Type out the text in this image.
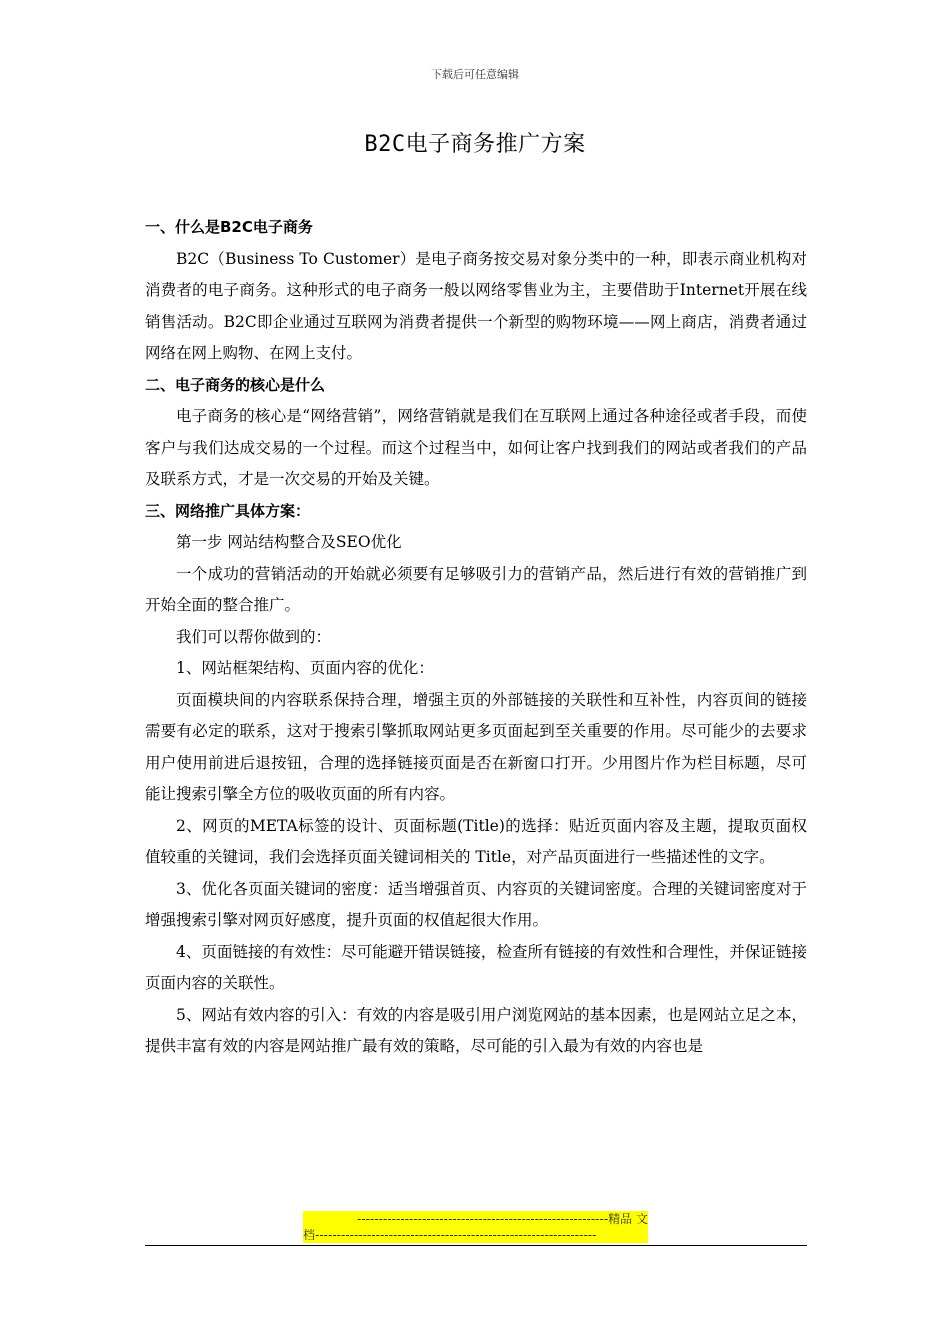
下载后可任意编辑
B2C电子商务推广方案

一、什么是B2C电子商务

B2C（Business To Customer）是电子商务按交易对象分类中的一种，即表示商业机构对消费者的电子商务。这种形式的电子商务一般以网络零售业为主，主要借助于Internet开展在线销售活动。B2C即企业通过互联网为消费者提供一个新型的购物环境——网上商店，消费者通过网络在网上购物、在网上支付。

二、电子商务的核心是什么

电子商务的核心是“网络营销”，网络营销就是我们在互联网上通过各种途径或者手段，而使客户与我们达成交易的一个过程。而这个过程当中，如何让客户找到我们的网站或者我们的产品及联系方式，才是一次交易的开始及关键。

三、网络推广具体方案：

第一步 网站结构整合及SEO优化

一个成功的营销活动的开始就必须要有足够吸引力的营销产品，然后进行有效的营销推广到开始全面的整合推广。

我们可以帮你做到的：

1、网站框架结构、页面内容的优化：

页面模块间的内容联系保持合理，增强主页的外部链接的关联性和互补性，内容页间的链接需要有必定的联系，这对于搜索引擎抓取网站更多页面起到至关重要的作用。尽可能少的去要求用户使用前进后退按钮，合理的选择链接页面是否在新窗口打开。少用图片作为栏目标题，尽可能让搜索引擎全方位的吸收页面的所有内容。

2、网页的META标签的设计、页面标题(Title)的选择：贴近页面内容及主题，提取页面权值较重的关键词，我们会选择页面关键词相关的 Title，对产品页面进行一些描述性的文字。

3、优化各页面关键词的密度：适当增强首页、内容页的关键词密度。合理的关键词密度对于增强搜索引擎对网页好感度，提升页面的权值起很大作用。

4、页面链接的有效性：尽可能避开错误链接，检查所有链接的有效性和合理性，并保证链接页面内容的关联性。

5、网站有效内容的引入：有效的内容是吸引用户浏览网站的基本因素，也是网站立足之本，提供丰富有效的内容是网站推广最有效的策略，尽可能的引入最为有效的内容也是

----------------------------------------------------------精品 文
档-----------------------------------------------------------------
